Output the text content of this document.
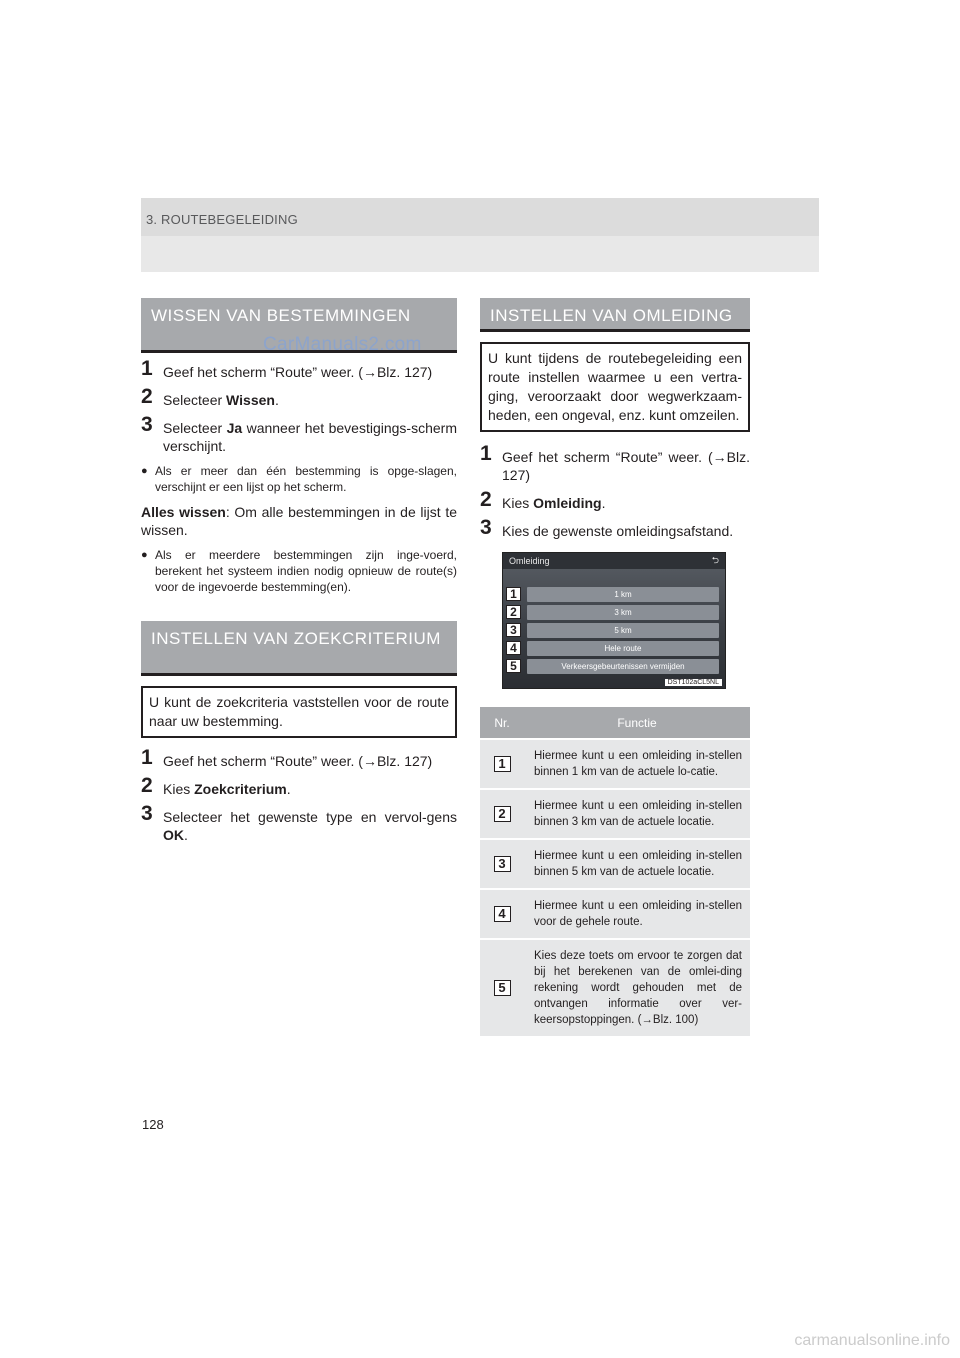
3. ROUTEBEGELEIDING
WISSEN VAN BESTEMMINGEN
1 Geef het scherm “Route” weer. (→Blz. 127)
2 Selecteer Wissen.
3 Selecteer Ja wanneer het bevestigings-scherm verschijnt.
● Als er meer dan één bestemming is opge-slagen, verschijnt er een lijst op het scherm.
Alles wissen: Om alle bestemmingen in de lijst te wissen.
● Als er meerdere bestemmingen zijn inge-voerd, berekent het systeem indien nodig opnieuw de route(s) voor de ingevoerde bestemming(en).
INSTELLEN VAN ZOEKCRITERIUM
U kunt de zoekcriteria vaststellen voor de route naar uw bestemming.
1 Geef het scherm “Route” weer. (→Blz. 127)
2 Kies Zoekcriterium.
3 Selecteer het gewenste type en vervol-gens OK.
INSTELLEN VAN OMLEIDING
U kunt tijdens de routebegeleiding een route instellen waarmee u een vertra-ging, veroorzaakt door wegwerkzaam-heden, een ongeval, enz. kunt omzeilen.
1 Geef het scherm “Route” weer. (→Blz. 127)
2 Kies Omleiding.
3 Kies de gewenste omleidingsafstand.
Omleiding	⮌
1 km
3 km
5 km
Hele route
Verkeersgebeurtenissen vermijden
1
2
3
4
5
DST102aCL5NL
Nr.	Functie
1	Hiermee kunt u een omleiding in-stellen binnen 1 km van de actuele lo-catie.
2	Hiermee kunt u een omleiding in-stellen binnen 3 km van de actuele locatie.
3	Hiermee kunt u een omleiding in-stellen binnen 5 km van de actuele locatie.
4	Hiermee kunt u een omleiding in-stellen voor de gehele route.
5	Kies deze toets om ervoor te zorgen dat bij het berekenen van de omlei-ding rekening wordt gehouden met de ontvangen informatie over ver-keersopstoppingen. (→Blz. 100)
128
CarManuals2.com
carmanualsonline.info
